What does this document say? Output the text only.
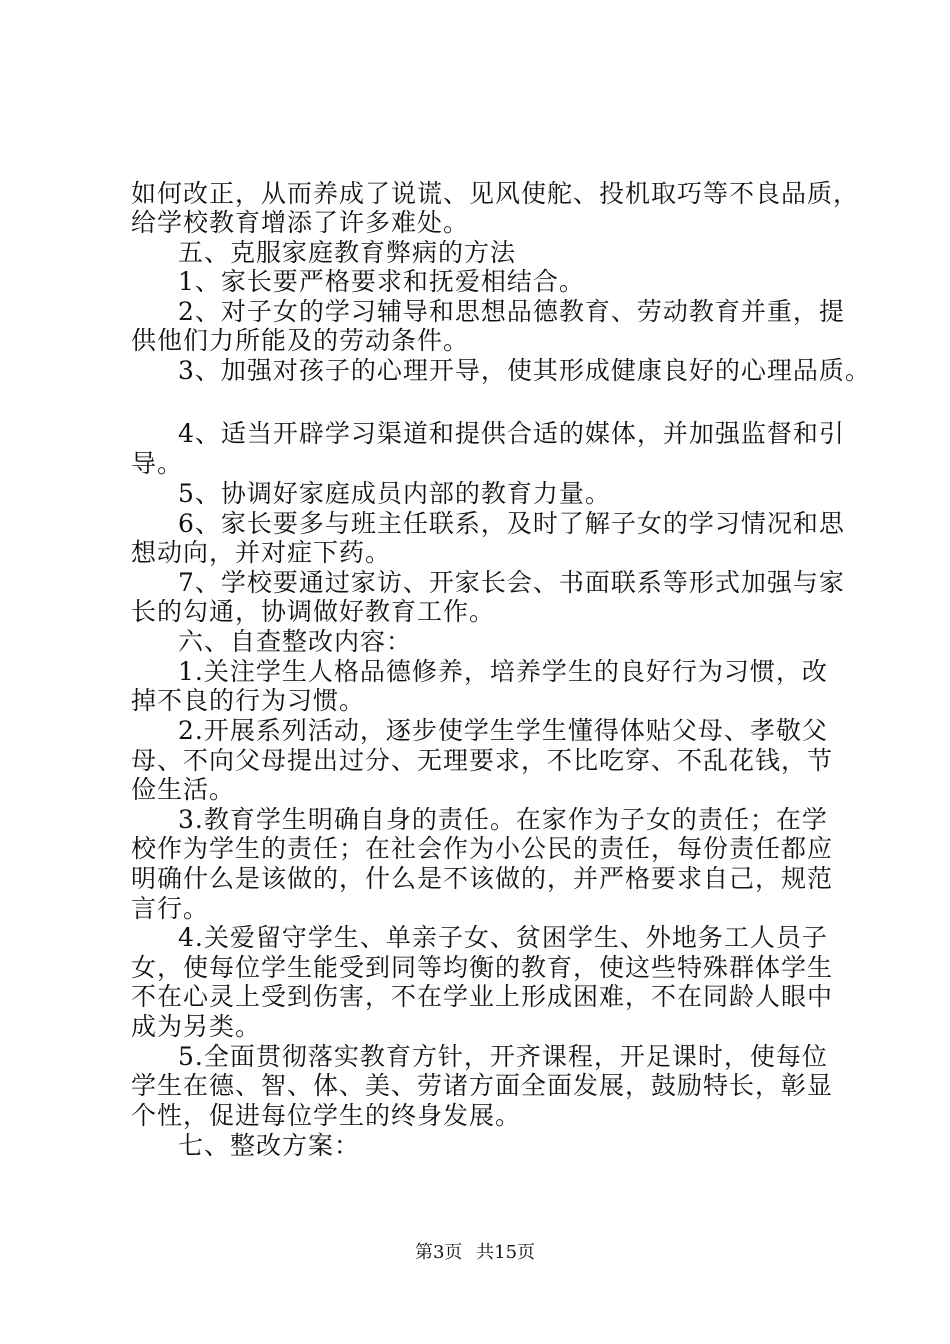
如何改正，从而养成了说谎、见风使舵、投机取巧等不良品质，
给学校教育增添了许多难处。
五、克服家庭教育弊病的方法
1、家长要严格要求和抚爱相结合。
2、对子女的学习辅导和思想品德教育、劳动教育并重，提
供他们力所能及的劳动条件。
3、加强对孩子的心理开导，使其形成健康良好的心理品质。
4、适当开辟学习渠道和提供合适的媒体，并加强监督和引
导。
5、协调好家庭成员内部的教育力量。
6、家长要多与班主任联系，及时了解子女的学习情况和思
想动向，并对症下药。
7、学校要通过家访、开家长会、书面联系等形式加强与家
长的勾通，协调做好教育工作。
六、自查整改内容：
1.关注学生人格品德修养，培养学生的良好行为习惯，改
掉不良的行为习惯。
2.开展系列活动，逐步使学生学生懂得体贴父母、孝敬父
母、不向父母提出过分、无理要求，不比吃穿、不乱花钱，节
俭生活。
3.教育学生明确自身的责任。在家作为子女的责任；在学
校作为学生的责任；在社会作为小公民的责任，每份责任都应
明确什么是该做的，什么是不该做的，并严格要求自己，规范
言行。
4.关爱留守学生、单亲子女、贫困学生、外地务工人员子
女，使每位学生能受到同等均衡的教育，使这些特殊群体学生
不在心灵上受到伤害，不在学业上形成困难，不在同龄人眼中
成为另类。
5.全面贯彻落实教育方针，开齐课程，开足课时，使每位
学生在德、智、体、美、劳诸方面全面发展，鼓励特长，彰显
个性，促进每位学生的终身发展。
七、整改方案：
第3页 共15页
